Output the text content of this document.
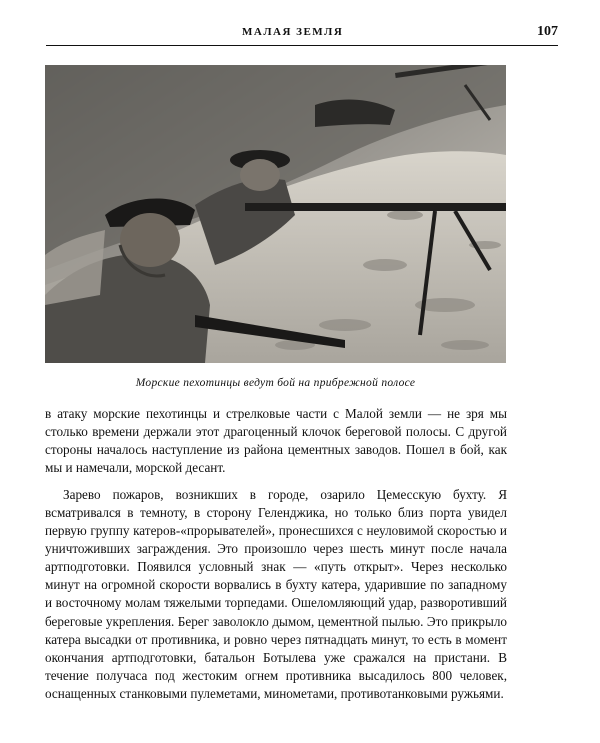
МАЛАЯ ЗЕМЛЯ	107
Морские пехотинцы ведут бой на прибрежной полосе

в атаку морские пехотинцы и стрелковые части с Малой земли — не зря мы столько времени держали этот драгоценный клочок береговой полосы. С другой стороны началось наступление из района цементных заводов. Пошел в бой, как мы и намечали, морской десант.

Зарево пожаров, возникших в городе, озарило Цемесскую бухту. Я всматривался в темноту, в сторону Геленджика, но только близ порта увидел первую группу катеров-«прорывателей», пронесшихся с неуловимой скоростью и уничтоживших заграждения. Это произошло через шесть минут после начала артподготовки. Появился условный знак — «путь открыт». Через несколько минут на огромной скорости ворвались в бухту катера, ударившие по западному и восточному молам тяжелыми торпедами. Ошеломляющий удар, разворотивший береговые укрепления. Берег заволокло дымом, цементной пылью. Это прикрыло катера высадки от противника, и ровно через пятнадцать минут, то есть в момент окончания артподготовки, батальон Ботылева уже сражался на пристани. В течение получаса под жестоким огнем противника высадилось 800 человек, оснащенных станковыми пулеметами, минометами, противотанковыми ружьями.
